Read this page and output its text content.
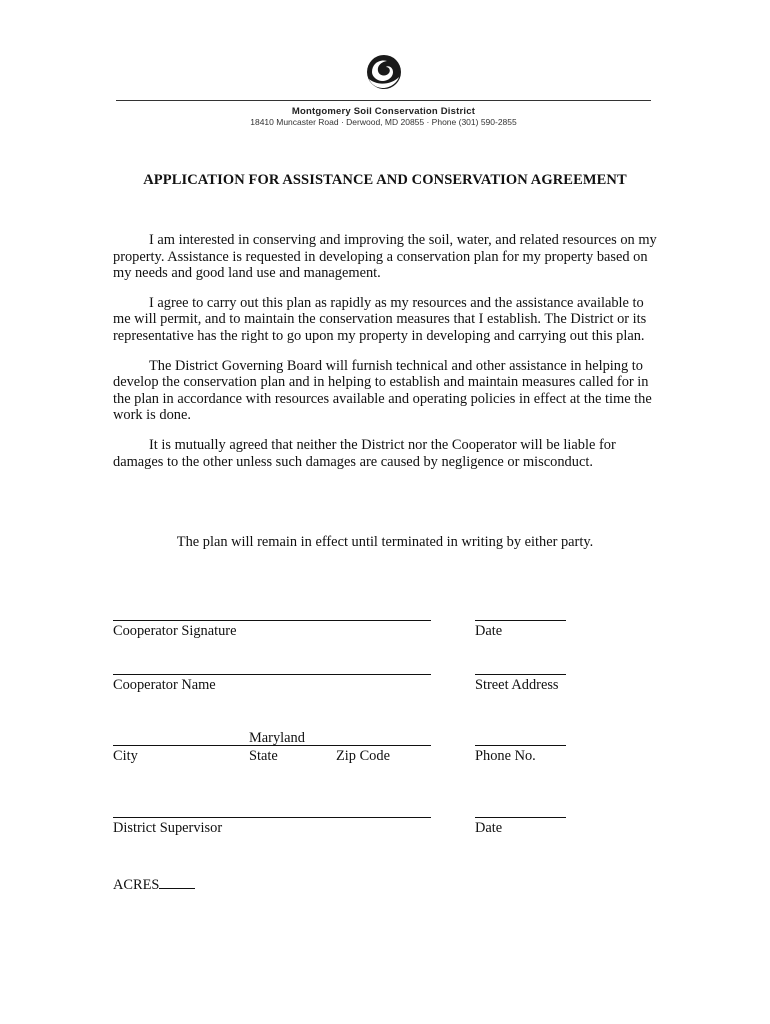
Montgomery Soil Conservation District
18410 Muncaster Road · Derwood, MD 20855 · Phone (301) 590-2855
APPLICATION FOR ASSISTANCE AND CONSERVATION AGREEMENT

I am interested in conserving and improving the soil, water, and related resources on my property. Assistance is requested in developing a conservation plan for my property based on my needs and good land use and management.

I agree to carry out this plan as rapidly as my resources and the assistance available to me will permit, and to maintain the conservation measures that I establish. The District or its representative has the right to go upon my property in developing and carrying out this plan.

The District Governing Board will furnish technical and other assistance in helping to develop the conservation plan and in helping to establish and maintain measures called for in the plan in accordance with resources available and operating policies in effect at the time the work is done.

It is mutually agreed that neither the District nor the Cooperator will be liable for damages to the other unless such damages are caused by negligence or misconduct.

The plan will remain in effect until terminated in writing by either party.
Cooperator Signature	Date
Cooperator Name	Street Address
Maryland
City	State	Zip Code	Phone No.
District Supervisor	Date
ACRES
